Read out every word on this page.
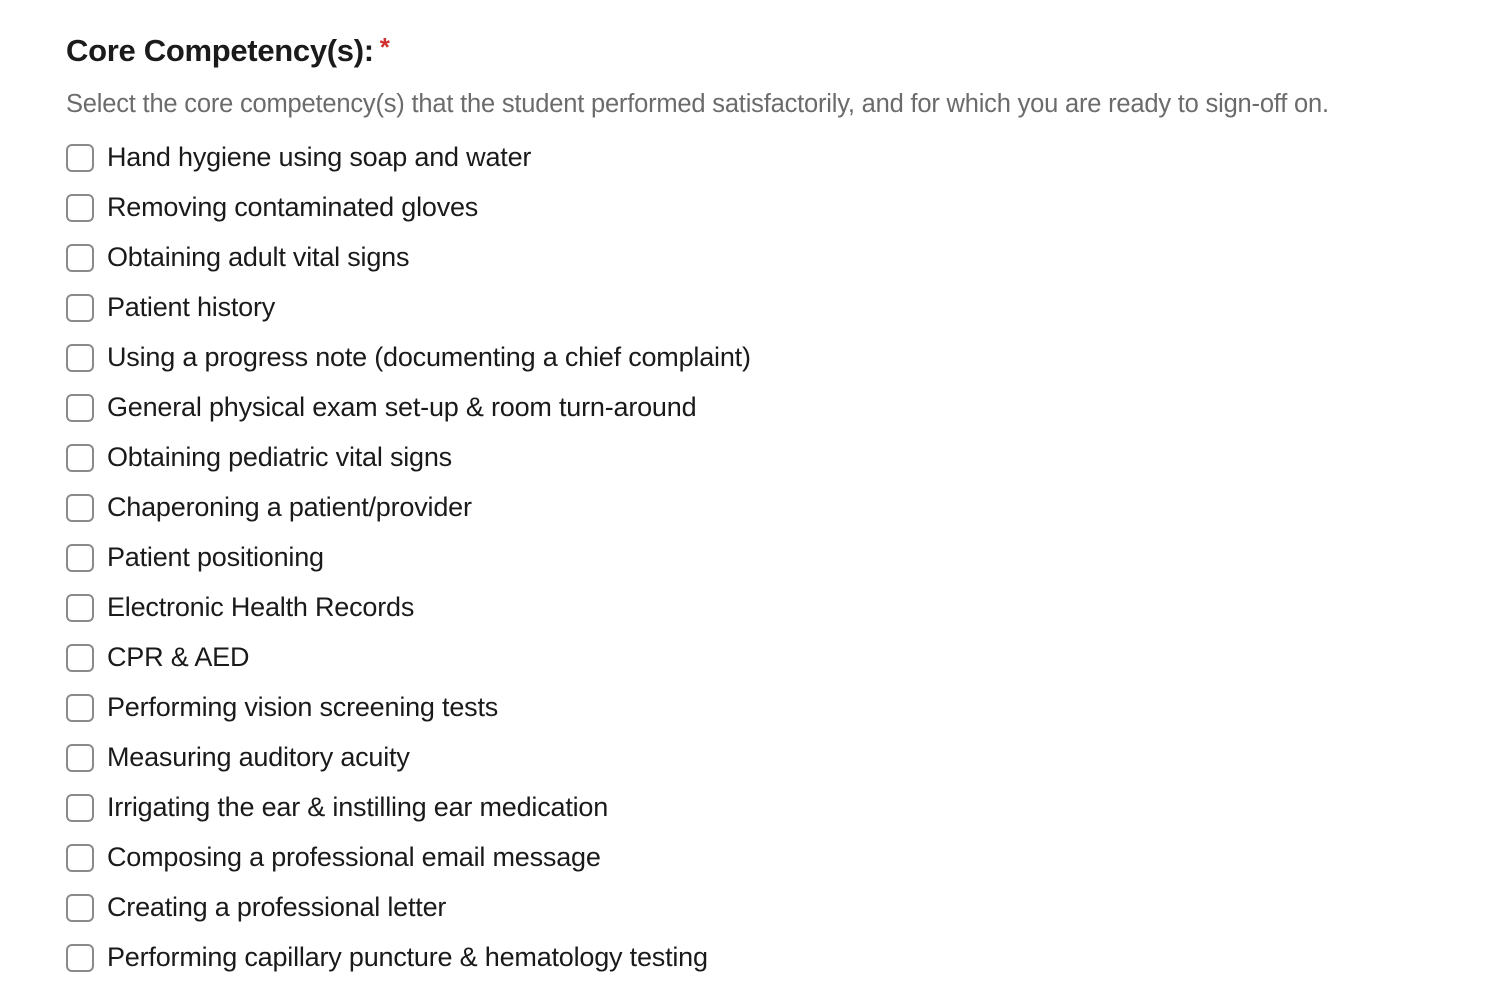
Core Competency(s): *
Select the core competency(s) that the student performed satisfactorily, and for which you are ready to sign-off on.
Hand hygiene using soap and water
Removing contaminated gloves
Obtaining adult vital signs
Patient history
Using a progress note (documenting a chief complaint)
General physical exam set-up & room turn-around
Obtaining pediatric vital signs
Chaperoning a patient/provider
Patient positioning
Electronic Health Records
CPR & AED
Performing vision screening tests
Measuring auditory acuity
Irrigating the ear & instilling ear medication
Composing a professional email message
Creating a professional letter
Performing capillary puncture & hematology testing
